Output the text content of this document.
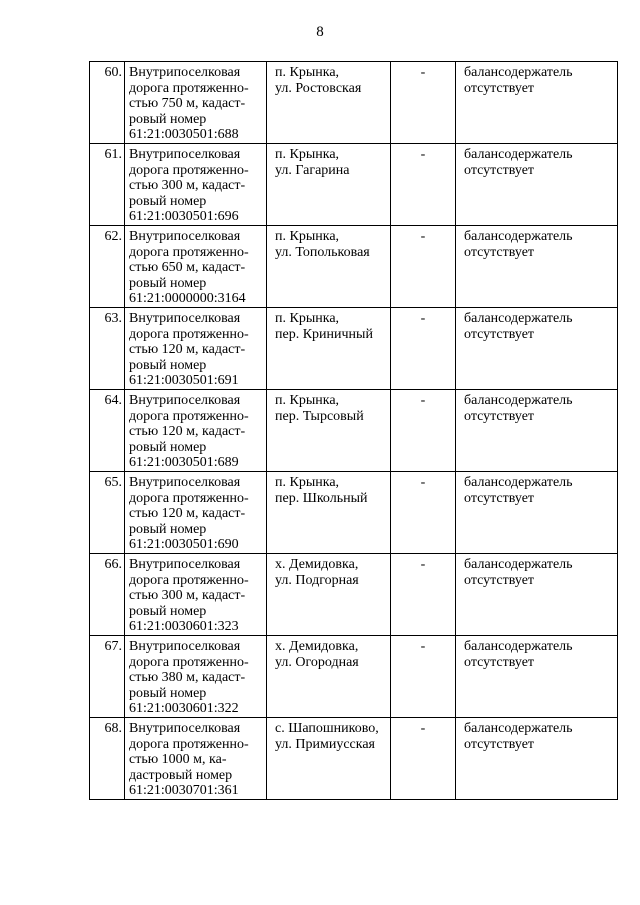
8
60.	Внутрипоселковая
дорога протяженно-
стью 750 м, кадаст-
ровый номер
61:21:0030501:688	п. Крынка,
ул. Ростовская	-	балансодержатель
отсутствует

61.	Внутрипоселковая
дорога протяженно-
стью 300 м, кадаст-
ровый номер
61:21:0030501:696	п. Крынка,
ул. Гагарина	-	балансодержатель
отсутствует

62.	Внутрипоселковая
дорога протяженно-
стью 650 м, кадаст-
ровый номер
61:21:0000000:3164	п. Крынка,
ул. Топольковая	-	балансодержатель
отсутствует

63.	Внутрипоселковая
дорога протяженно-
стью 120 м, кадаст-
ровый номер
61:21:0030501:691	п. Крынка,
пер. Криничный	-	балансодержатель
отсутствует

64.	Внутрипоселковая
дорога протяженно-
стью 120 м, кадаст-
ровый номер
61:21:0030501:689	п. Крынка,
пер. Тырсовый	-	балансодержатель
отсутствует

65.	Внутрипоселковая
дорога протяженно-
стью 120 м, кадаст-
ровый номер
61:21:0030501:690	п. Крынка,
пер. Школьный	-	балансодержатель
отсутствует

66.	Внутрипоселковая
дорога протяженно-
стью 300 м, кадаст-
ровый номер
61:21:0030601:323	х. Демидовка,
ул. Подгорная	-	балансодержатель
отсутствует

67.	Внутрипоселковая
дорога протяженно-
стью 380 м, кадаст-
ровый номер
61:21:0030601:322	х. Демидовка,
ул. Огородная	-	балансодержатель
отсутствует

68.	Внутрипоселковая
дорога протяженно-
стью 1000 м, ка-
дастровый номер
61:21:0030701:361	с. Шапошниково,
ул. Примиусская	-	балансодержатель
отсутствует
